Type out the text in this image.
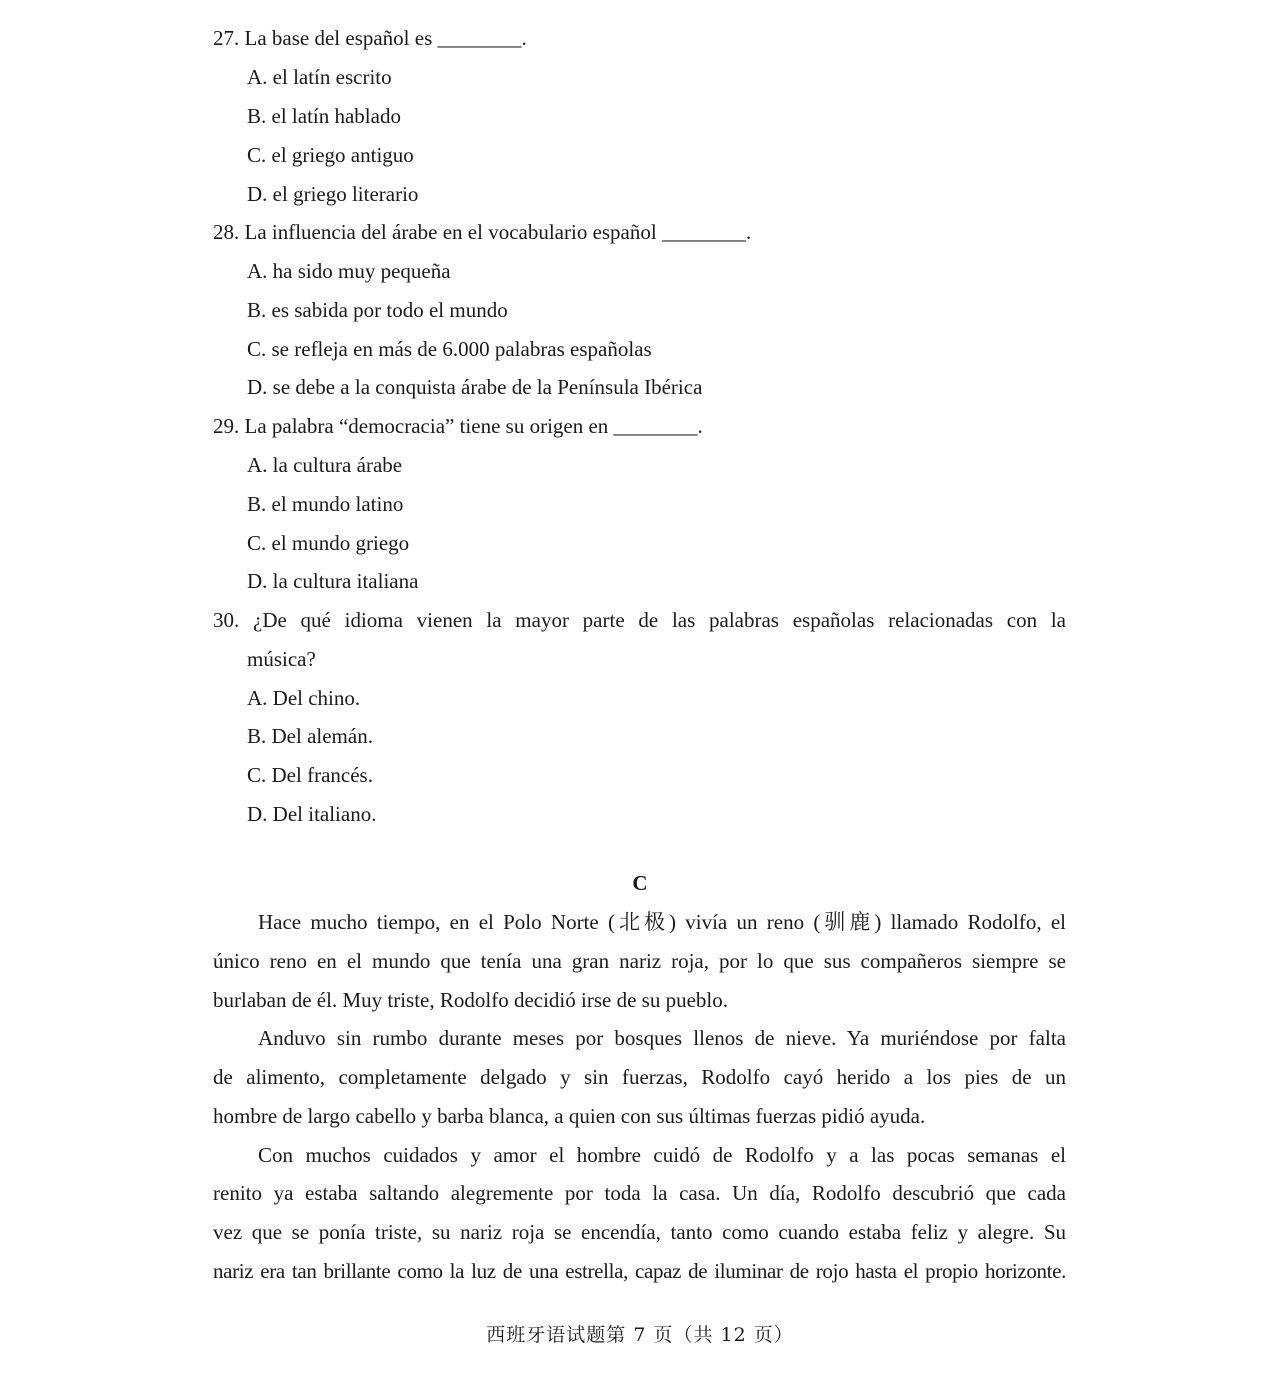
27. La base del español es ________.
A. el latín escrito
B. el latín hablado
C. el griego antiguo
D. el griego literario
28. La influencia del árabe en el vocabulario español ________.
A. ha sido muy pequeña
B. es sabida por todo el mundo
C. se refleja en más de 6.000 palabras españolas
D. se debe a la conquista árabe de la Península Ibérica
29. La palabra “democracia” tiene su origen en ________.
A. la cultura árabe
B. el mundo latino
C. el mundo griego
D. la cultura italiana
30. ¿De qué idioma vienen la mayor parte de las palabras españolas relacionadas con la
música?
A. Del chino.
B. Del alemán.
C. Del francés.
D. Del italiano.
C
Hace mucho tiempo, en el Polo Norte (北极) vivía un reno (驯鹿) llamado Rodolfo, el
único reno en el mundo que tenía una gran nariz roja, por lo que sus compañeros siempre se
burlaban de él. Muy triste, Rodolfo decidió irse de su pueblo.
Anduvo sin rumbo durante meses por bosques llenos de nieve. Ya muriéndose por falta
de alimento, completamente delgado y sin fuerzas, Rodolfo cayó herido a los pies de un
hombre de largo cabello y barba blanca, a quien con sus últimas fuerzas pidió ayuda.
Con muchos cuidados y amor el hombre cuidó de Rodolfo y a las pocas semanas el
renito ya estaba saltando alegremente por toda la casa. Un día, Rodolfo descubrió que cada
vez que se ponía triste, su nariz roja se encendía, tanto como cuando estaba feliz y alegre. Su
nariz era tan brillante como la luz de una estrella, capaz de iluminar de rojo hasta el propio horizonte.
西班牙语试题第 7 页（共 12 页）
